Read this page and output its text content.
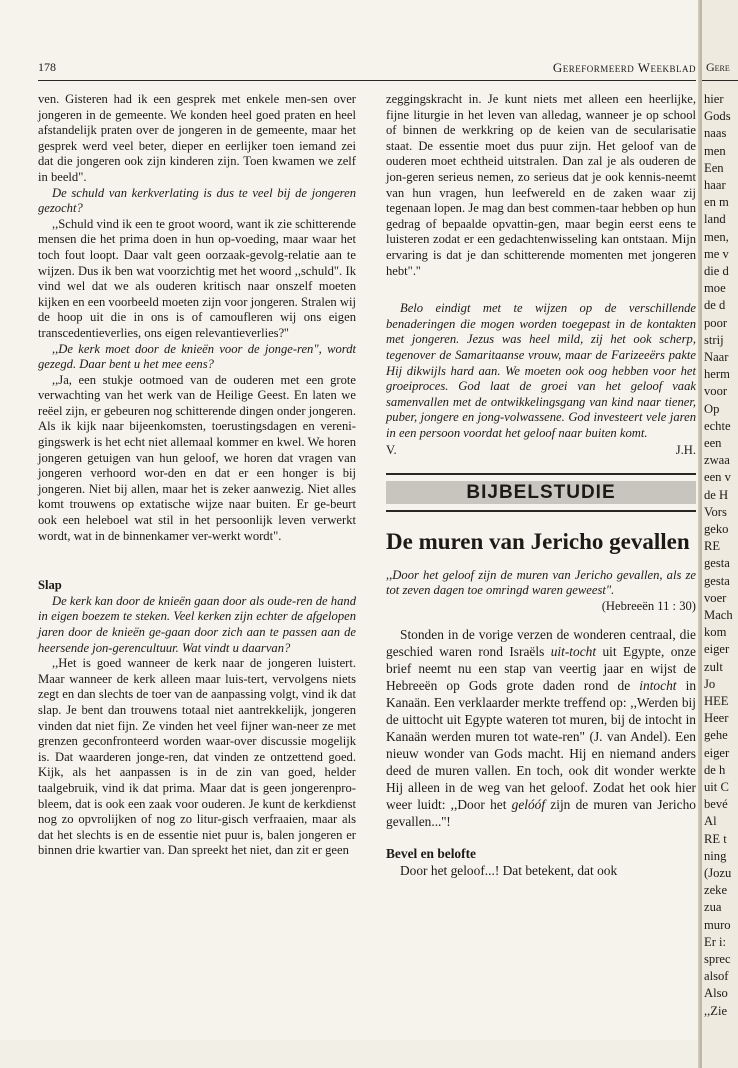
178	Gereformeerd Weekblad

ven. Gisteren had ik een gesprek met enkele men-sen over jongeren in de gemeente. We konden heel goed praten en heel afstandelijk praten over de jongeren in de gemeente, maar het gesprek werd veel beter, dieper en eerlijker toen iemand zei dat die jongeren ook zijn kinderen zijn. Toen kwamen we zelf in beeld".

De schuld van kerkverlating is dus te veel bij de jongeren gezocht?

,,Schuld vind ik een te groot woord, want ik zie schitterende mensen die het prima doen in hun op-voeding, maar waar het toch fout loopt. Daar valt geen oorzaak-gevolg-relatie aan te wijzen. Dus ik ben wat voorzichtig met het woord ,,schuld". Ik vind wel dat we als ouderen kritisch naar onszelf moeten kijken en een voorbeeld moeten zijn voor jongeren. Stralen wij de hoop uit die in ons is of camoufleren wij ons eigen transcedentieverlies, ons eigen relevantieverlies?''

,,De kerk moet door de knieën voor de jonge-ren", wordt gezegd. Daar bent u het mee eens?

,,Ja, een stukje ootmoed van de ouderen met een grote verwachting van het werk van de Heilige Geest. En laten we reëel zijn, er gebeuren nog schitterende dingen onder jongeren. Als ik kijk naar bijeenkomsten, toerustingsdagen en vereni-gingswerk is het echt niet allemaal kommer en kwel. We horen jongeren getuigen van hun geloof, we horen dat vragen van jongeren verhoord wor-den en dat er een honger is bij jongeren. Niet bij allen, maar het is zeker aanwezig. Niet alles komt trouwens op extatische wijze naar buiten. Er ge-beurt ook een heleboel wat stil in het persoonlijk leven verwerkt wordt, wat in de binnenkamer ver-werkt wordt".

Slap

De kerk kan door de knieën gaan door als oude-ren de hand in eigen boezem te steken. Veel kerken zijn echter de afgelopen jaren door de knieën ge-gaan door zich aan te passen aan de heersende jon-gerencultuur. Wat vindt u daarvan?

,,Het is goed wanneer de kerk naar de jongeren luistert. Maar wanneer de kerk alleen maar luis-tert, vervolgens niets zegt en dan slechts de toer van de aanpassing volgt, vind ik dat slap. Je bent dan trouwens totaal niet aantrekkelijk, jongeren vinden dat niet fijn. Ze vinden het veel fijner wan-neer ze met grenzen geconfronteerd worden waar-over discussie mogelijk is. Dat waarderen jonge-ren, dat vinden ze ontzettend goed. Kijk, als het aanpassen is in de zin van goed, helder taalgebruik, vind ik dat prima. Maar dat is geen jongerenpro-bleem, dat is ook een zaak voor ouderen. Je kunt de kerkdienst nog zo opvrolijken of nog zo litur-gisch verfraaien, maar als dat het slechts is en de essentie niet puur is, balen jongeren er binnen drie kwartier van. Dan spreekt het niet, dan zit er geen

zeggingskracht in. Je kunt niets met alleen een heerlijke, fijne liturgie in het leven van alledag, wanneer je op school of binnen de werkkring op de keien van de secularisatie staat. De essentie moet dus puur zijn. Het geloof van de ouderen moet echtheid uitstralen. Dan zal je als ouderen de jon-geren serieus nemen, zo serieus dat je ook kennis-neemt van hun vragen, hun leefwereld en de zaken waar zij tegenaan lopen. Je mag dan best commen-taar hebben op hun gedrag of bepaalde opvattin-gen, maar begin eerst eens te luisteren zodat er een gedachtenwisseling kan ontstaan. Mijn ervaring is dat je dan schitterende momenten met jongeren hebt".''

Belo eindigt met te wijzen op de verschillende benaderingen die mogen worden toegepast in de kontakten met jongeren. Jezus was heel mild, zij het ook scherp, tegenover de Samaritaanse vrouw, maar de Farizeeërs pakte Hij dikwijls hard aan. We moeten ook oog hebben voor het groeiproces. God laat de groei van het geloof vaak samenvallen met de ontwikkelingsgang van kind naar tiener, puber, jongere en jong-volwassene. God investeert vele jaren in een persoon voordat het geloof naar buiten komt.

V.	J.H.
BIJBELSTUDIE
De muren van Jericho gevallen

,,Door het geloof zijn de muren van Jericho gevallen, als ze tot zeven dagen toe omringd waren geweest".

(Hebreeën 11 : 30)

Stonden in de vorige verzen de wonderen centraal, die geschied waren rond Israëls uit-tocht uit Egypte, onze brief neemt nu een stap van veertig jaar en wijst de Hebreeën op Gods grote daden rond de intocht in Kanaän. Een verklaarder merkte treffend op: ,,Werden bij de uittocht uit Egypte wateren tot muren, bij de intocht in Kanaän werden muren tot wate-ren" (J. van Andel). Een nieuw wonder van Gods macht. Hij en niemand anders deed de muren vallen. En toch, ook dit wonder werkte Hij alleen in de weg van het geloof. Zodat het ook hier weer luidt: ,,Door het gelóóf zijn de muren van Jericho gevallen...''!

Bevel en belofte

Door het geloof...! Dat betekent, dat ook

Gere
hier
Gods
naas
men
Een
haar
en m
land
men,
me v
die d
moe
de d
poor
strij
Naar
herm
voor
Op
echte
een
zwaa
een v
de H
Vors
geko
RE
gesta
gesta
voer
Mach
kom
eiger
zult
Jo
HEE
Heer
gehe
eiger
de h
uit C
bevé
Al
RE t
ning
(Jozu
zeke
zua
muro
Er i:
sprec
alsof
Also
,,Zie
